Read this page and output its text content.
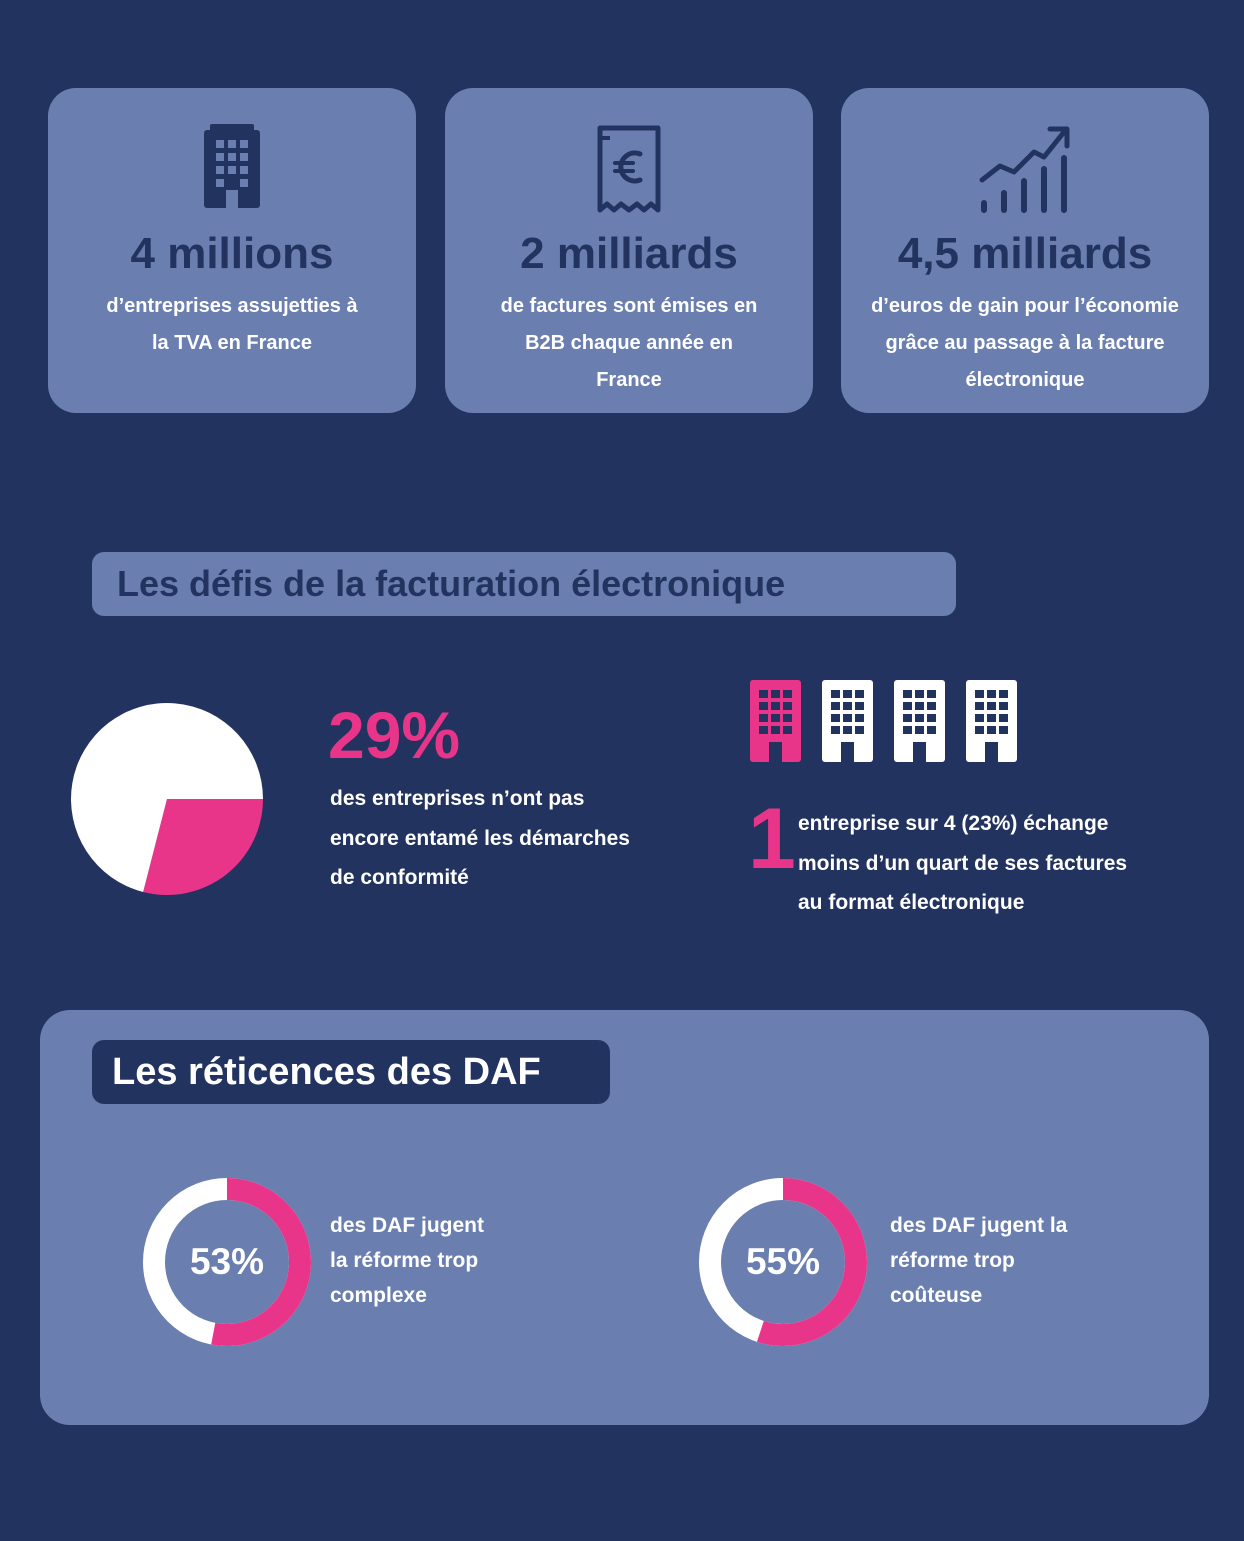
4 millions
d’entreprises assujetties à
la TVA en France
2 milliards
de factures sont émises en
B2B chaque année en
France
4,5 milliards
d’euros de gain pour l’économie
grâce au passage à la facture
électronique
Les défis de la facturation électronique
29%
des entreprises n’ont pas
encore entamé les démarches
de conformité	1 entreprise sur 4 (23%) échange
moins d’un quart de ses factures
au format électronique
Les réticences des DAF
53%
des DAF jugent
la réforme trop
complexe
55%
des DAF jugent la
réforme trop
coûteuse
